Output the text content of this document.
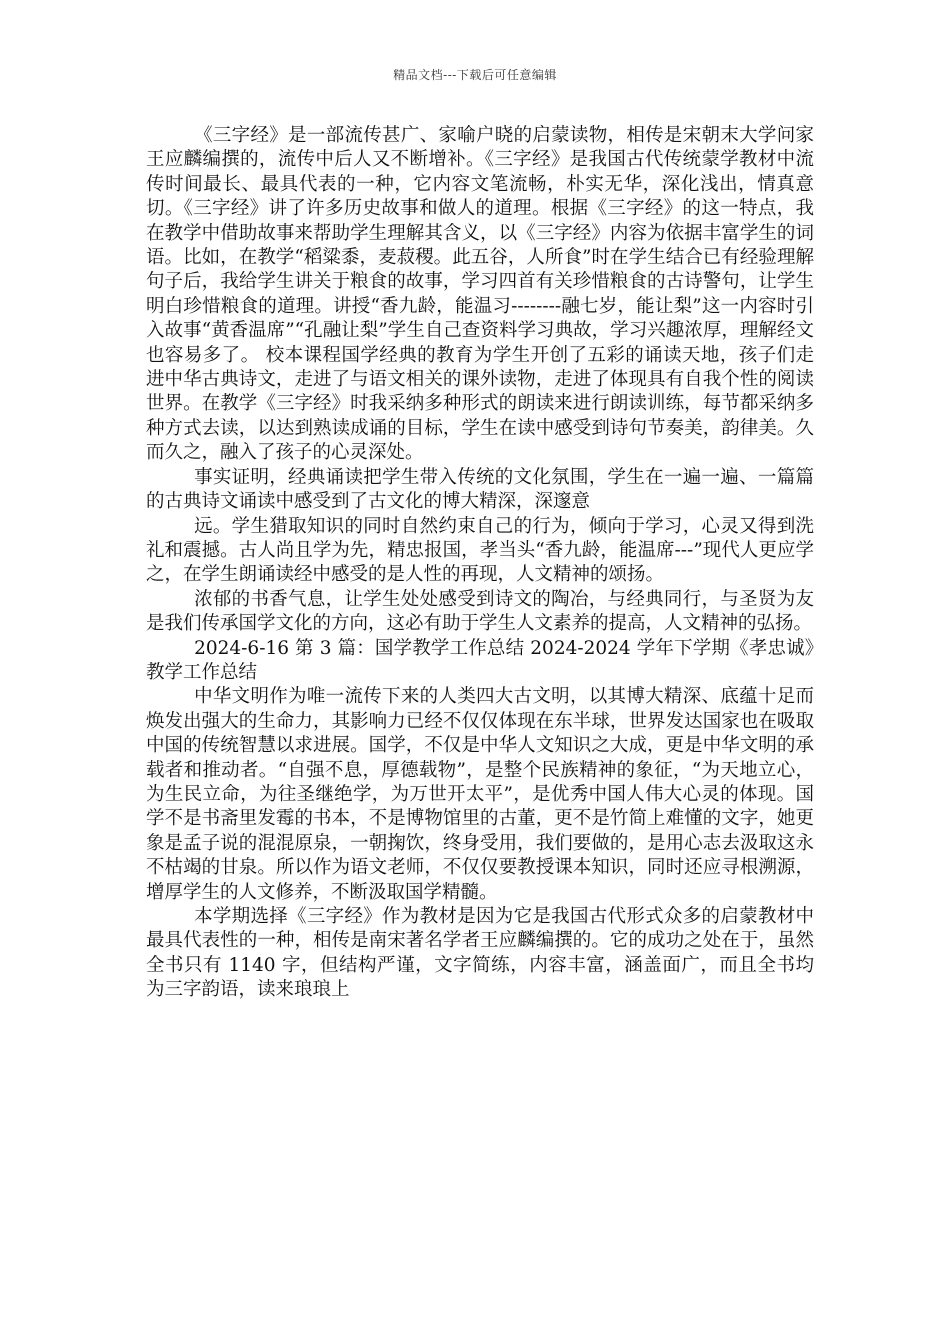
精品文档---下载后可任意编辑

《三字经》是一部流传甚广、家喻户晓的启蒙读物，相传是宋朝末大学问家王应麟编撰的，流传中后人又不断增补。《三字经》是我国古代传统蒙学教材中流传时间最长、最具代表的一种，它内容文笔流畅，朴实无华，深化浅出，情真意切。《三字经》讲了许多历史故事和做人的道理。根据《三字经》的这一特点，我在教学中借助故事来帮助学生理解其含义，以《三字经》内容为依据丰富学生的词语。比如，在教学“稻粱黍，麦菽稷。此五谷，人所食”时在学生结合已有经验理解句子后，我给学生讲关于粮食的故事，学习四首有关珍惜粮食的古诗警句，让学生明白珍惜粮食的道理。讲授“香九龄，能温习--------融七岁，能让梨”这一内容时引入故事“黄香温席”“孔融让梨”学生自己查资料学习典故，学习兴趣浓厚，理解经文也容易多了。 校本课程国学经典的教育为学生开创了五彩的诵读天地，孩子们走进中华古典诗文，走进了与语文相关的课外读物，走进了体现具有自我个性的阅读世界。在教学《三字经》时我采纳多种形式的朗读来进行朗读训练，每节都采纳多种方式去读，以达到熟读成诵的目标，学生在读中感受到诗句节奏美，韵律美。久而久之，融入了孩子的心灵深处。

事实证明，经典诵读把学生带入传统的文化氛围，学生在一遍一遍、一篇篇的古典诗文诵读中感受到了古文化的博大精深，深邃意

远。学生猎取知识的同时自然约束自己的行为，倾向于学习，心灵又得到洗礼和震撼。古人尚且学为先，精忠报国，孝当头“香九龄，能温席---”现代人更应学之，在学生朗诵读经中感受的是人性的再现，人文精神的颂扬。

浓郁的书香气息，让学生处处感受到诗文的陶冶，与经典同行，与圣贤为友是我们传承国学文化的方向，这必有助于学生人文素养的提高，人文精神的弘扬。

2024-6-16 第 3 篇：国学教学工作总结 2024-2024 学年下学期《孝忠诚》教学工作总结

中华文明作为唯一流传下来的人类四大古文明，以其博大精深、底蕴十足而焕发出强大的生命力，其影响力已经不仅仅体现在东半球，世界发达国家也在吸取中国的传统智慧以求进展。国学，不仅是中华人文知识之大成，更是中华文明的承载者和推动者。“自强不息，厚德载物”，是整个民族精神的象征，“为天地立心，为生民立命，为往圣继绝学，为万世开太平”，是优秀中国人伟大心灵的体现。国学不是书斋里发霉的书本，不是博物馆里的古董，更不是竹简上难懂的文字，她更象是孟子说的混混原泉，一朝掬饮，终身受用，我们要做的，是用心志去汲取这永不枯竭的甘泉。所以作为语文老师，不仅仅要教授课本知识，同时还应寻根溯源，增厚学生的人文修养，不断汲取国学精髓。

本学期选择《三字经》作为教材是因为它是我国古代形式众多的启蒙教材中最具代表性的一种，相传是南宋著名学者王应麟编撰的。它的成功之处在于，虽然全书只有 1140 字，但结构严谨，文字简练，内容丰富，涵盖面广，而且全书均为三字韵语，读来琅琅上
